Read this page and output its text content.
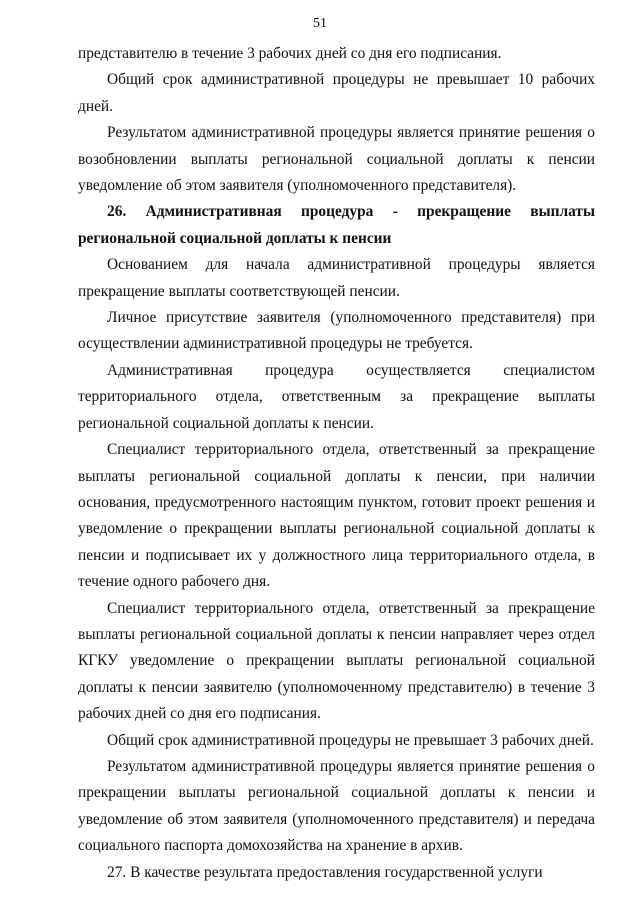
51

представителю в течение 3 рабочих дней со дня его подписания.

Общий срок административной процедуры не превышает 10 рабочих дней.

Результатом административной процедуры является принятие решения о возобновлении выплаты региональной социальной доплаты к пенсии уведомление об этом заявителя (уполномоченного представителя).

26. Административная процедура - прекращение выплаты региональной социальной доплаты к пенсии

Основанием для начала административной процедуры является прекращение выплаты соответствующей пенсии.

Личное присутствие заявителя (уполномоченного представителя) при осуществлении административной процедуры не требуется.

Административная процедура осуществляется специалистом территориального отдела, ответственным за прекращение выплаты региональной социальной доплаты к пенсии.

Специалист территориального отдела, ответственный за прекращение выплаты региональной социальной доплаты к пенсии, при наличии основания, предусмотренного настоящим пунктом, готовит проект решения и уведомление о прекращении выплаты региональной социальной доплаты к пенсии и подписывает их у должностного лица территориального отдела, в течение одного рабочего дня.

Специалист территориального отдела, ответственный за прекращение выплаты региональной социальной доплаты к пенсии направляет через отдел КГКУ уведомление о прекращении выплаты региональной социальной доплаты к пенсии заявителю (уполномоченному представителю) в течение 3 рабочих дней со дня его подписания.

Общий срок административной процедуры не превышает 3 рабочих дней.

Результатом административной процедуры является принятие решения о прекращении выплаты региональной социальной доплаты к пенсии и уведомление об этом заявителя (уполномоченного представителя) и передача социального паспорта домохозяйства на хранение в архив.

27. В качестве результата предоставления государственной услуги
